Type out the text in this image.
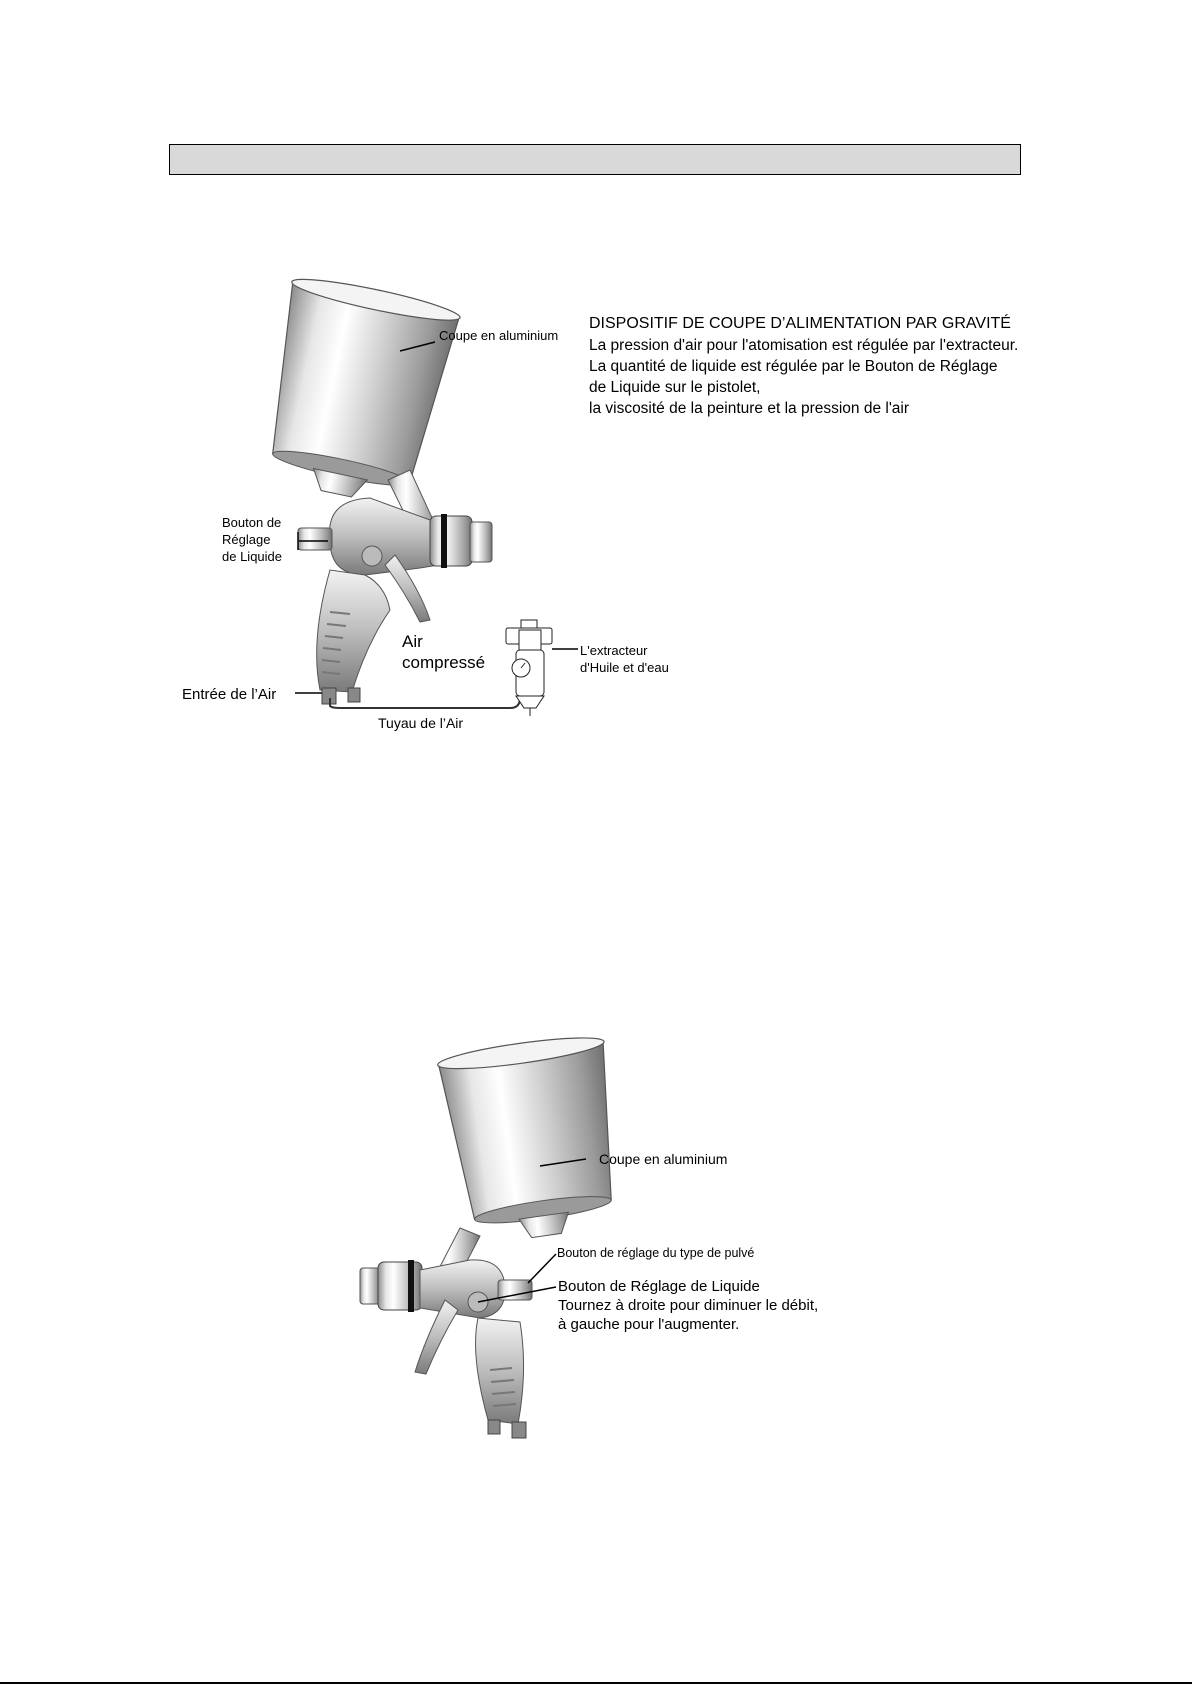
Coupe en aluminium
DISPOSITIF DE COUPE D’ALIMENTATION PAR GRAVITÉ
La pression d'air pour l'atomisation est régulée par l'extracteur.
La quantité de liquide est régulée par le Bouton de Réglage
de Liquide sur le pistolet,
la viscosité de la peinture et la pression de l'air
Bouton de
Réglage
de Liquide
Air
compressé
L'extracteur
d'Huile et d'eau
Entrée de l’Air
Tuyau de l’Air
Coupe en aluminium
Bouton de réglage du type de pulvé
Bouton de Réglage de Liquide
Tournez à droite pour diminuer le débit,
à gauche pour l'augmenter.
